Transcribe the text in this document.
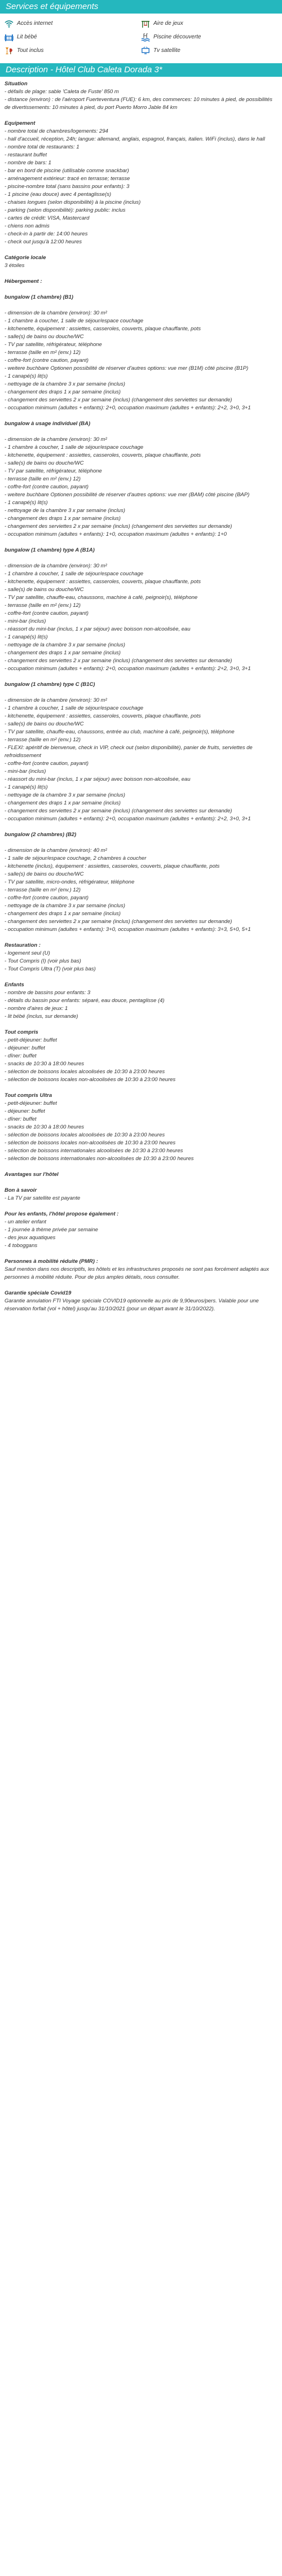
Services et équipements
Accès internet	Aire de jeux
Lit bébé	Piscine découverte
Tout inclus	Tv satellite
Description - Hôtel Club Caleta Dorada 3*
Situation
- défails de plage: sable 'Caleta de Fuste' 850 m
- distance (environ) : de l'aéroport Fuerteventura (FUE): 6 km, des commerces: 10 minutes à pied, de possibilités de divertissements: 10 minutes à pied, du port Puerto Morro Jable 84 km
Equipement
- nombre total de chambres/logements: 294
- hall d'accueil, réception, 24h; langue: allemand, anglais, espagnol, français, italien. WiFi (inclus), dans le hall
- nombre total de restaurants: 1
- restaurant buffet
- nombre de bars: 1
- bar en bord de piscine (utilisable comme snackbar)
- aménagement extérieur: tracé en terrasse; terrasse
- piscine-nombre total (sans bassins pour enfants): 3
- 1 piscine (eau douce) avec 4 pentaglisse(s)
- chaises longues (selon disponibilité) à la piscine (inclus)
- parking (selon disponibilité): parking public: inclus
- cartes de crédit: VISA, Mastercard
- chiens non admis
- check-in à partir de: 14:00 heures
- check out jusqu'à 12:00 heures
Catégorie locale
3 étoiles
Hébergement :
bungalow (1 chambre) (B1)

- dimension de la chambre (environ): 30 m²
- 1 chambre à coucher, 1 salle de séjour/espace couchage
- kitchenette, équipement : assiettes, casseroles, couverts, plaque chauffante, pots
- salle(s) de bains ou douche/WC
- TV par satellite, réfrigérateur, téléphone
- terrasse (taille en m² (env.) 12)
- coffre-fort (contre caution, payant)
- weitere buchbare Optionen possibilité de réserver d'autres options: vue mer (B1M) côté piscine (B1P)
- 1 canapé(s) lit(s)
- nettoyage de la chambre 3 x par semaine (inclus)
- changement des draps 1 x par semaine (inclus)
- changement des serviettes 2 x par semaine (inclus) (changement des serviettes sur demande)
- occupation minimum (adultes + enfants): 2+0, occupation maximum (adultes + enfants): 2+2, 3+0, 3+1
bungalow à usage individuel (BA)

- dimension de la chambre (environ): 30 m²
- 1 chambre à coucher, 1 salle de séjour/espace couchage
- kitchenette, équipement : assiettes, casseroles, couverts, plaque chauffante, pots
- salle(s) de bains ou douche/WC
- TV par satellite, réfrigérateur, téléphone
- terrasse (taille en m² (env.) 12)
- coffre-fort (contre caution, payant)
- weitere buchbare Optionen possibilité de réserver d'autres options: vue mer (BAM) côté piscine (BAP)
- 1 canapé(s) lit(s)
- nettoyage de la chambre 3 x par semaine (inclus)
- changement des draps 1 x par semaine (inclus)
- changement des serviettes 2 x par semaine (inclus) (changement des serviettes sur demande)
- occupation minimum (adultes + enfants): 1+0, occupation maximum (adultes + enfants): 1+0
bungalow (1 chambre) type A (B1A)

- dimension de la chambre (environ): 30 m²
- 1 chambre à coucher, 1 salle de séjour/espace couchage
- kitchenette, équipement : assiettes, casseroles, couverts, plaque chauffante, pots
- salle(s) de bains ou douche/WC
- TV par satellite, chauffe-eau, chaussons, machine à café, peignoir(s), téléphone
- terrasse (taille en m² (env.) 12)
- coffre-fort (contre caution, payant)
- mini-bar (inclus)
- réassort du mini-bar (inclus, 1 x par séjour) avec boisson non-alcoolisée, eau
- 1 canapé(s) lit(s)
- nettoyage de la chambre 3 x par semaine (inclus)
- changement des draps 1 x par semaine (inclus)
- changement des serviettes 2 x par semaine (inclus) (changement des serviettes sur demande)
- occupation minimum (adultes + enfants): 2+0, occupation maximum (adultes + enfants): 2+2, 3+0, 3+1
bungalow (1 chambre) type C (B1C)

- dimension de la chambre (environ): 30 m²
- 1 chambre à coucher, 1 salle de séjour/espace couchage
- kitchenette, équipement : assiettes, casseroles, couverts, plaque chauffante, pots
- salle(s) de bains ou douche/WC
- TV par satellite, chauffe-eau, chaussons, entrée au club, machine à café, peignoir(s), téléphone
- terrasse (taille en m² (env.) 12)
- FLEXI: apéritif de bienvenue, check in VIP, check out (selon disponibilité), panier de fruits, serviettes de refroidissement
- coffre-fort (contre caution, payant)
- mini-bar (inclus)
- réassort du mini-bar (inclus, 1 x par séjour) avec boisson non-alcoolisée, eau
- 1 canapé(s) lit(s)
- nettoyage de la chambre 3 x par semaine (inclus)
- changement des draps 1 x par semaine (inclus)
- changement des serviettes 2 x par semaine (inclus) (changement des serviettes sur demande)
- occupation minimum (adultes + enfants): 2+0, occupation maximum (adultes + enfants): 2+2, 3+0, 3+1
bungalow (2 chambres) (B2)

- dimension de la chambre (environ): 40 m²
- 1 salle de séjour/espace couchage, 2 chambres à coucher
- kitchenette (inclus), équipement : assiettes, casseroles, couverts, plaque chauffante, pots
- salle(s) de bains ou douche/WC
- TV par satellite, micro-ondes, réfrigérateur, téléphone
- terrasse (taille en m² (env.) 12)
- coffre-fort (contre caution, payant)
- nettoyage de la chambre 3 x par semaine (inclus)
- changement des draps 1 x par semaine (inclus)
- changement des serviettes 2 x par semaine (inclus) (changement des serviettes sur demande)
- occupation minimum (adultes + enfants): 3+0, occupation maximum (adultes + enfants): 3+3, 5+0, 5+1
Restauration :
- logement seul (U)
- Tout Compris (I) (voir plus bas)
- Tout Compris Ultra (T) (voir plus bas)
Enfants
- nombre de bassins pour enfants: 3
- détails du bassin pour enfants: séparé, eau douce, pentaglisse (4)
- nombre d'aires de jeux: 1
- lit bébé (inclus, sur demande)
Tout compris
- petit-déjeuner: buffet
- déjeuner: buffet
- dîner: buffet
- snacks de 10:30 à 18:00 heures
- sélection de boissons locales alcoolisées de 10:30 à 23:00 heures
- sélection de boissons locales non-alcoolisées de 10:30 à 23:00 heures
Tout compris Ultra
- petit-déjeuner: buffet
- déjeuner: buffet
- dîner: buffet
- snacks de 10:30 à 18:00 heures
- sélection de boissons locales alcoolisées de 10:30 à 23:00 heures
- sélection de boissons locales non-alcoolisées de 10:30 à 23:00 heures
- sélection de boissons internationales alcoolisées de 10:30 à 23:00 heures
- sélection de boissons internationales non-alcoolisées de 10:30 à 23:00 heures
Avantages sur l'hôtel
Bon à savoir
- La TV par satellite est payante
Pour les enfants, l'hôtel propose également :
- un atelier enfant
- 1 journée à thème privée par semaine
- des jeux aquatiques
- 4 toboggans
Personnes à mobilité réduite (PMR) :
Sauf mention dans nos descriptifs, les hôtels et les infrastructures proposés ne sont pas forcément adaptés aux personnes à mobilité réduite. Pour de plus amples détails, nous consulter.
Garantie spéciale Covid19
Garantie annulation FTI Voyage spéciale COVID19 optionnelle au prix de 9,90euros/pers. Valable pour une réservation forfait (vol + hôtel) jusqu'au 31/10/2021 (pour un départ avant le 31/10/2022).
